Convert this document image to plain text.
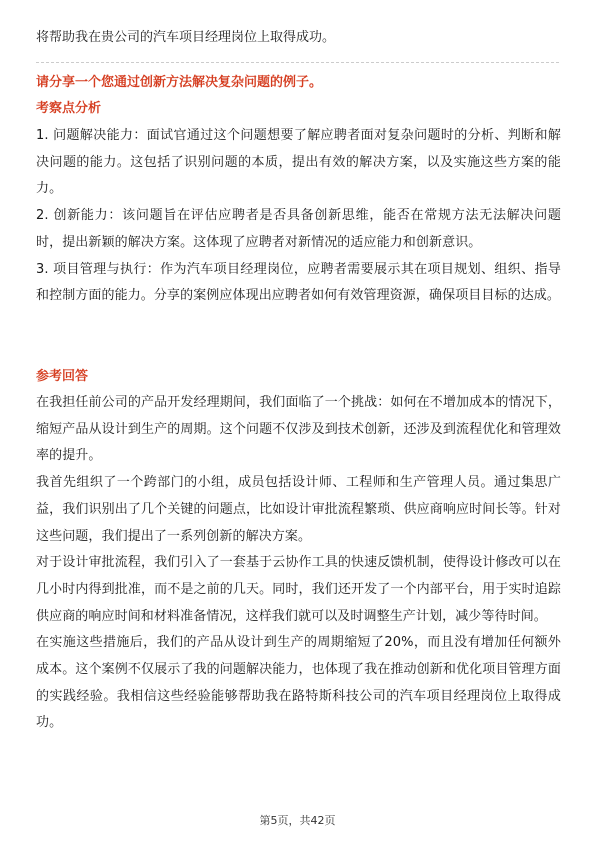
将帮助我在贵公司的汽车项目经理岗位上取得成功。
请分享一个您通过创新方法解决复杂问题的例子。
考察点分析

1. 问题解决能力：面试官通过这个问题想要了解应聘者面对复杂问题时的分析、判断和解决问题的能力。这包括了识别问题的本质，提出有效的解决方案，以及实施这些方案的能力。

2. 创新能力：该问题旨在评估应聘者是否具备创新思维，能否在常规方法无法解决问题时，提出新颖的解决方案。这体现了应聘者对新情况的适应能力和创新意识。

3. 项目管理与执行：作为汽车项目经理岗位，应聘者需要展示其在项目规划、组织、指导和控制方面的能力。分享的案例应体现出应聘者如何有效管理资源，确保项目目标的达成。

参考回答

在我担任前公司的产品开发经理期间，我们面临了一个挑战：如何在不增加成本的情况下，缩短产品从设计到生产的周期。这个问题不仅涉及到技术创新，还涉及到流程优化和管理效率的提升。

我首先组织了一个跨部门的小组，成员包括设计师、工程师和生产管理人员。通过集思广益，我们识别出了几个关键的问题点，比如设计审批流程繁琐、供应商响应时间长等。针对这些问题，我们提出了一系列创新的解决方案。

对于设计审批流程，我们引入了一套基于云协作工具的快速反馈机制，使得设计修改可以在几小时内得到批准，而不是之前的几天。同时，我们还开发了一个内部平台，用于实时追踪供应商的响应时间和材料准备情况，这样我们就可以及时调整生产计划，减少等待时间。

在实施这些措施后，我们的产品从设计到生产的周期缩短了20%，而且没有增加任何额外成本。这个案例不仅展示了我的问题解决能力，也体现了我在推动创新和优化项目管理方面的实践经验。我相信这些经验能够帮助我在路特斯科技公司的汽车项目经理岗位上取得成功。

第5页，共42页
